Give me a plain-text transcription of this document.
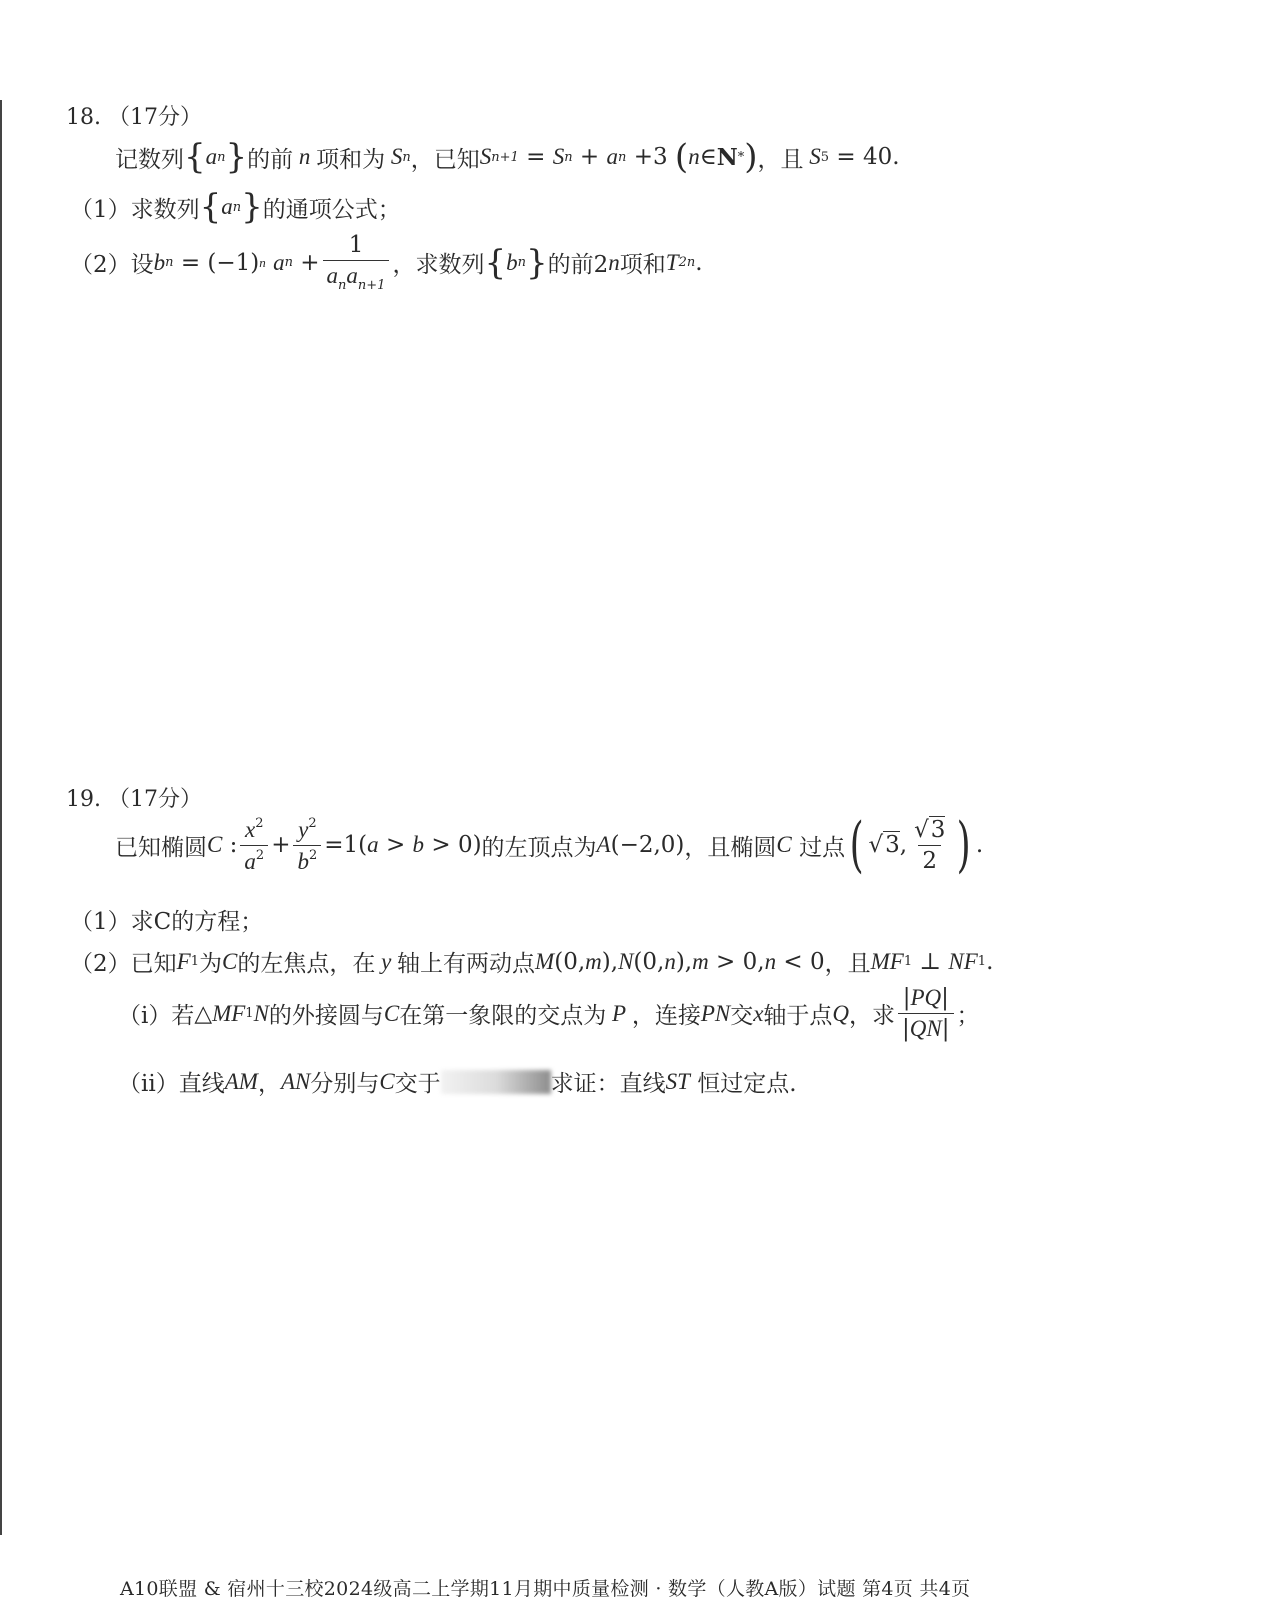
18. （17分）
记数列 { a n } 的前 n 项和为 S n ，已知 S n+1 = S n + a n +3 ( n ∈ N * ) ，且 S 5 = 40.
（1） 求数列 { a n } 的通项公式；
（2） 设 b n = (−1) n
a $n + \frac{1}{a_na_{n+1}}$ ，求数列 { b n } 的前2 n 项和 T 2n .
19. （17分）
已知椭圆 C : $\frac{x^2}{a^2} + \frac{y^2}{b^2} =1$( a > b > 0) 的左顶点为 A (−2,0) ，且椭圆 C
过点 ( √3, $\frac{√3}{2}$ ) .
（1） 求C的方程；
（2） 已知 F 1 为 C 的左焦点，在 y 轴上有两动点 M (0, m ), N (0, n ), m > 0, n < 0 ，且 MF 1 ⊥ NF 1 .
（i） 若 △ MF 1 N 的外接圆与 C 在第一象限的交点为 P ，连接 PN 交 x 轴于点 Q ，求 $\frac{|PQ|}{|QN|}$ ；
（ii） 直线 AM ， AN 分别与 C 交于	求证：直线 ST
恒过定点.
A10联盟 & 宿州十三校2024级高二上学期11月期中质量检测 · 数学（人教A版）试题 第4页 共4页
